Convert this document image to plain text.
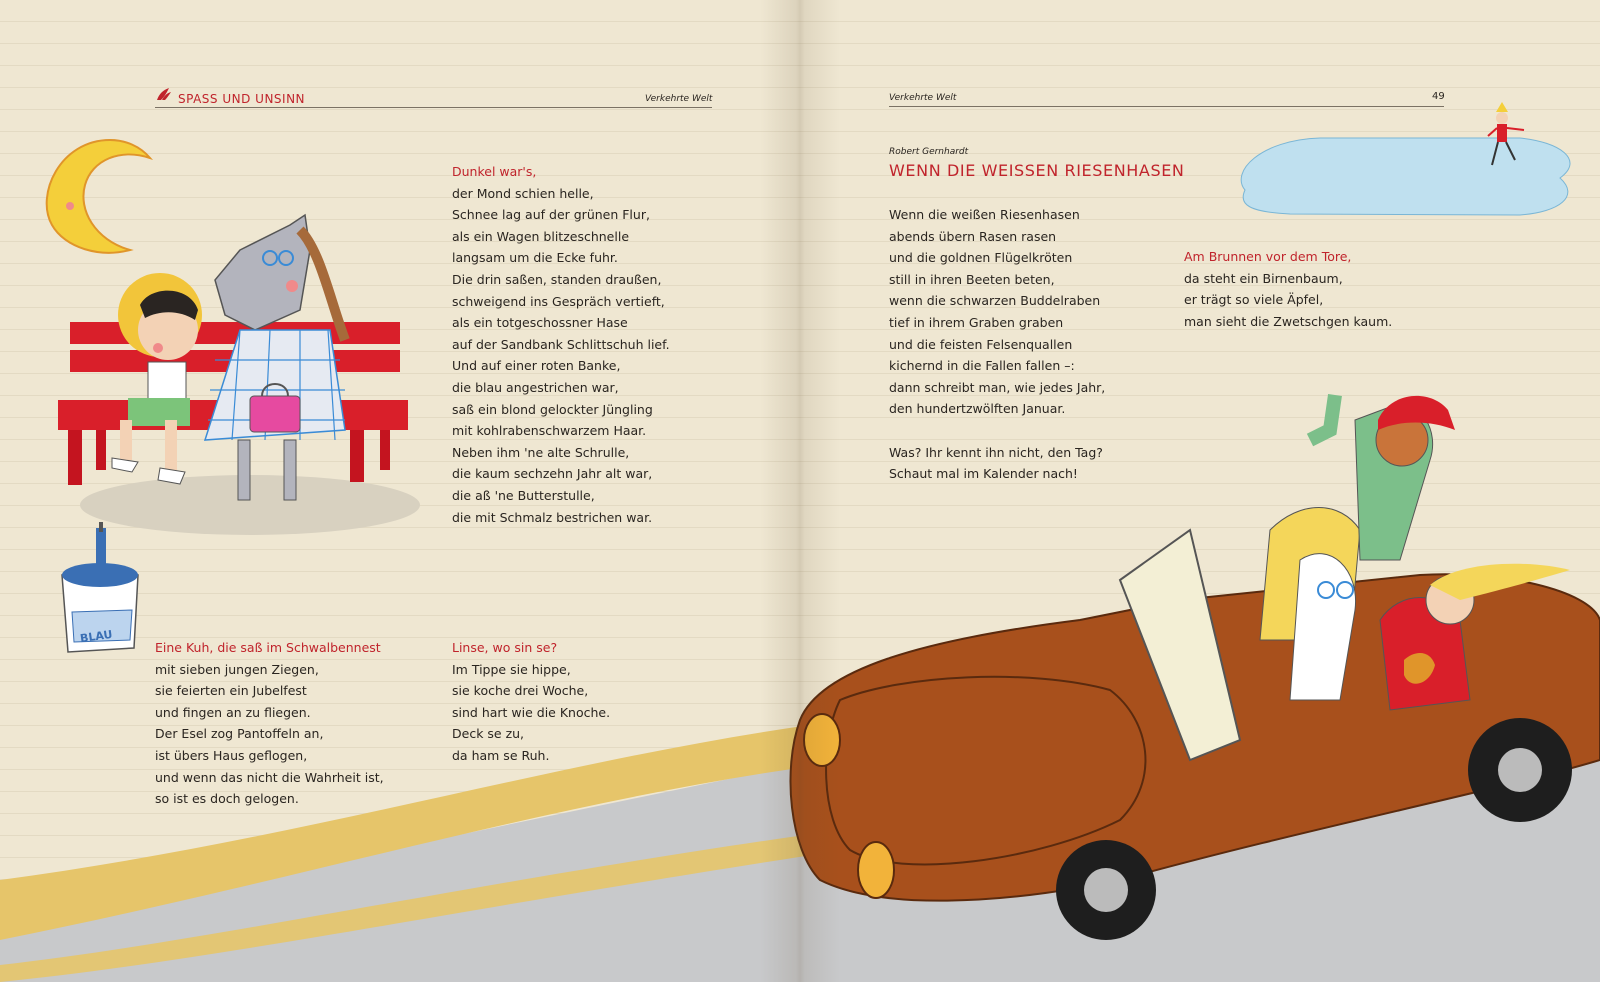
SPASS UND UNSINN	Verkehrte Welt
Dunkel war's,
der Mond schien helle,
Schnee lag auf der grünen Flur,
als ein Wagen blitzeschnelle
langsam um die Ecke fuhr.
Die drin saßen, standen draußen,
schweigend ins Gespräch vertieft,
als ein totgeschossner Hase
auf der Sandbank Schlittschuh lief.
Und auf einer roten Banke,
die blau angestrichen war,
saß ein blond gelockter Jüngling
mit kohlrabenschwarzem Haar.
Neben ihm 'ne alte Schrulle,
die kaum sechzehn Jahr alt war,
die aß 'ne Butterstulle,
die mit Schmalz bestrichen war.
BLAU
Eine Kuh, die saß im Schwalbennest
mit sieben jungen Ziegen,
sie feierten ein Jubelfest
und fingen an zu fliegen.
Der Esel zog Pantoffeln an,
ist übers Haus geflogen,
und wenn das nicht die Wahrheit ist,
so ist es doch gelogen.
Linse, wo sin se?
Im Tippe sie hippe,
sie koche drei Woche,
sind hart wie die Knoche.
Deck se zu,
da ham se Ruh.
Verkehrte Welt	49
Robert Gernhardt
WENN DIE WEISSEN RIESENHASEN
Wenn die weißen Riesenhasen
abends übern Rasen rasen
und die goldnen Flügelkröten
still in ihren Beeten beten,
wenn die schwarzen Buddelraben
tief in ihrem Graben graben
und die feisten Felsenquallen
kichernd in die Fallen fallen –:
dann schreibt man, wie jedes Jahr,
den hundertzwölften Januar.
Was? Ihr kennt ihn nicht, den Tag?
Schaut mal im Kalender nach!
Am Brunnen vor dem Tore,
da steht ein Birnenbaum,
er trägt so viele Äpfel,
man sieht die Zwetschgen kaum.
